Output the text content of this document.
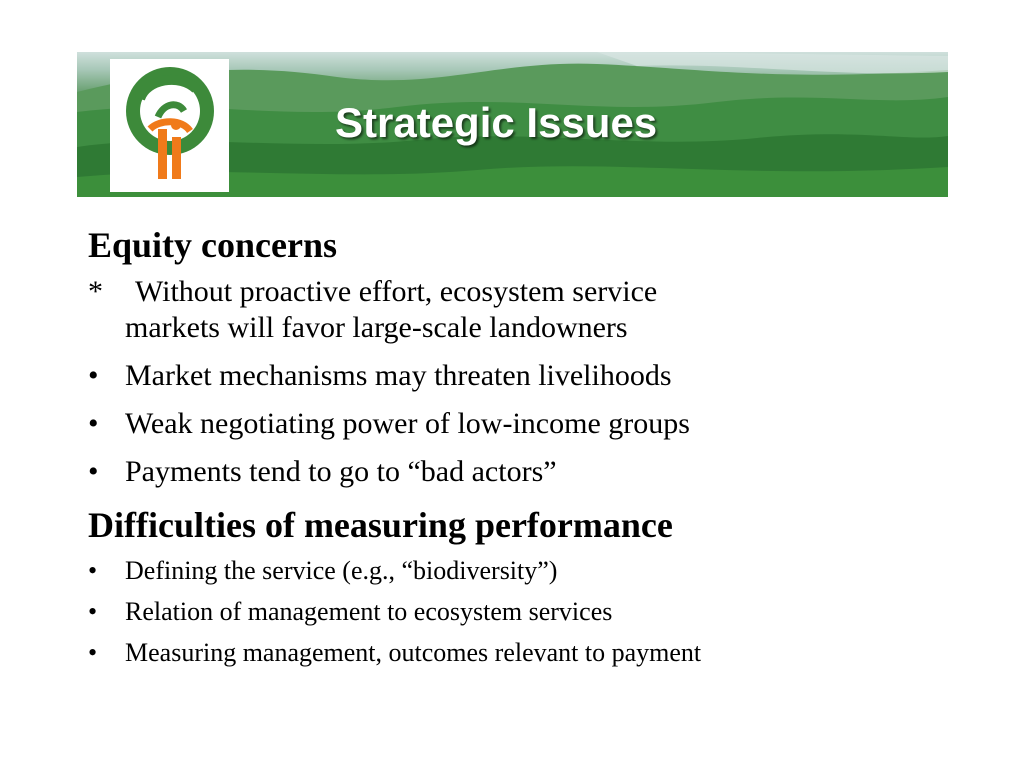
Strategic Issues

Equity concerns

* Without proactive effort, ecosystem service
markets will favor large-scale landowners
• Market mechanisms may threaten livelihoods
• Weak negotiating power of low-income groups
• Payments tend to go to “bad actors”

Difficulties of measuring performance

• Defining the service (e.g., “biodiversity”)
• Relation of management to ecosystem services
• Measuring management, outcomes relevant to payment
